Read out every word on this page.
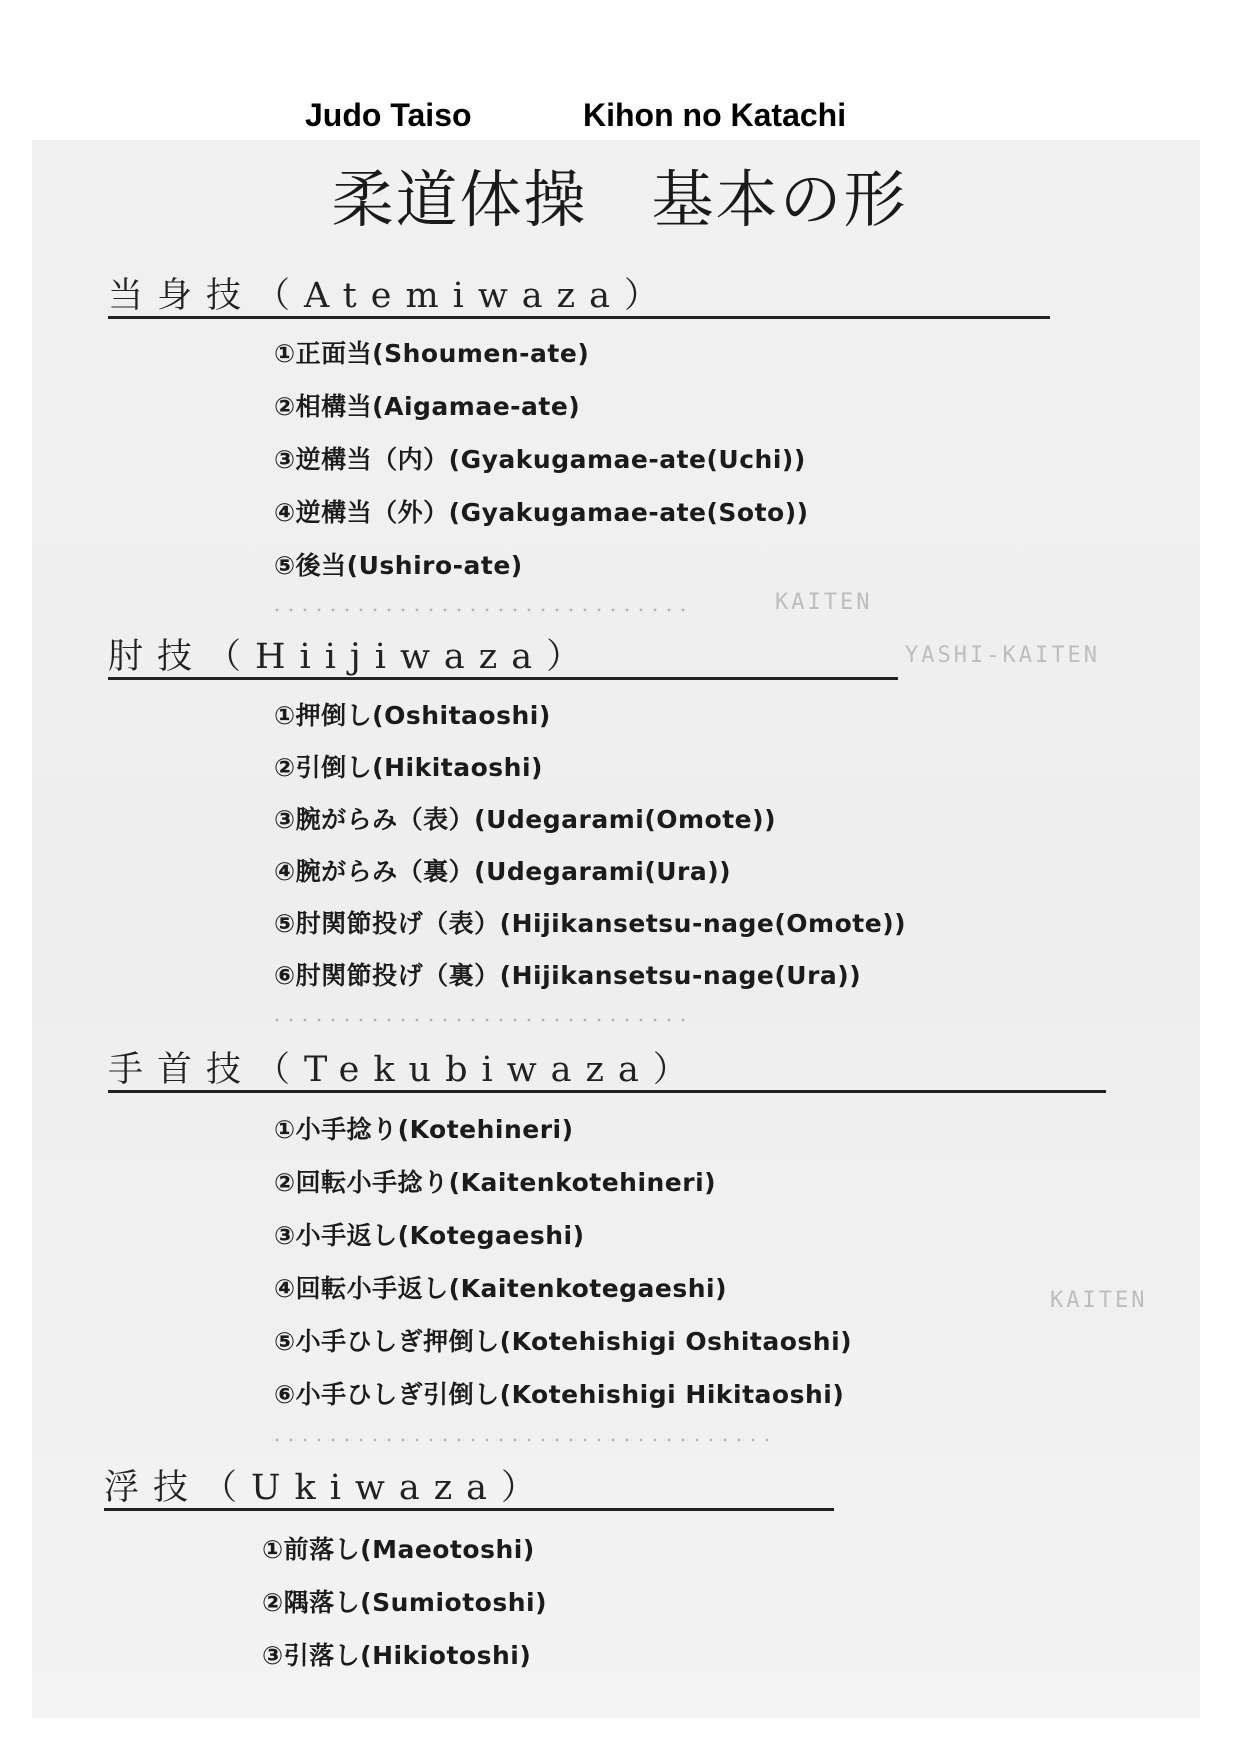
Judo Taiso	Kihon no Katachi
柔道体操　基本の形
KAITEN
YASHI-KAITEN
KAITEN
当身技（Atemiwaza）
①正面当(Shoumen-ate)
②相構当(Aigamae-ate)
③逆構当（内）(Gyakugamae-ate(Uchi))
④逆構当（外）(Gyakugamae-ate(Soto))
⑤後当(Ushiro-ate)
肘技（Hiijiwaza）
①押倒し(Oshitaoshi)
②引倒し(Hikitaoshi)
③腕がらみ（表）(Udegarami(Omote))
④腕がらみ（裏）(Udegarami(Ura))
⑤肘関節投げ（表）(Hijikansetsu-nage(Omote))
⑥肘関節投げ（裏）(Hijikansetsu-nage(Ura))
手首技（Tekubiwaza）
①小手捻り(Kotehineri)
②回転小手捻り(Kaitenkotehineri)
③小手返し(Kotegaeshi)
④回転小手返し(Kaitenkotegaeshi)
⑤小手ひしぎ押倒し(Kotehishigi Oshitaoshi)
⑥小手ひしぎ引倒し(Kotehishigi Hikitaoshi)
浮技（Ukiwaza）
①前落し(Maeotoshi)
②隅落し(Sumiotoshi)
③引落し(Hikiotoshi)
